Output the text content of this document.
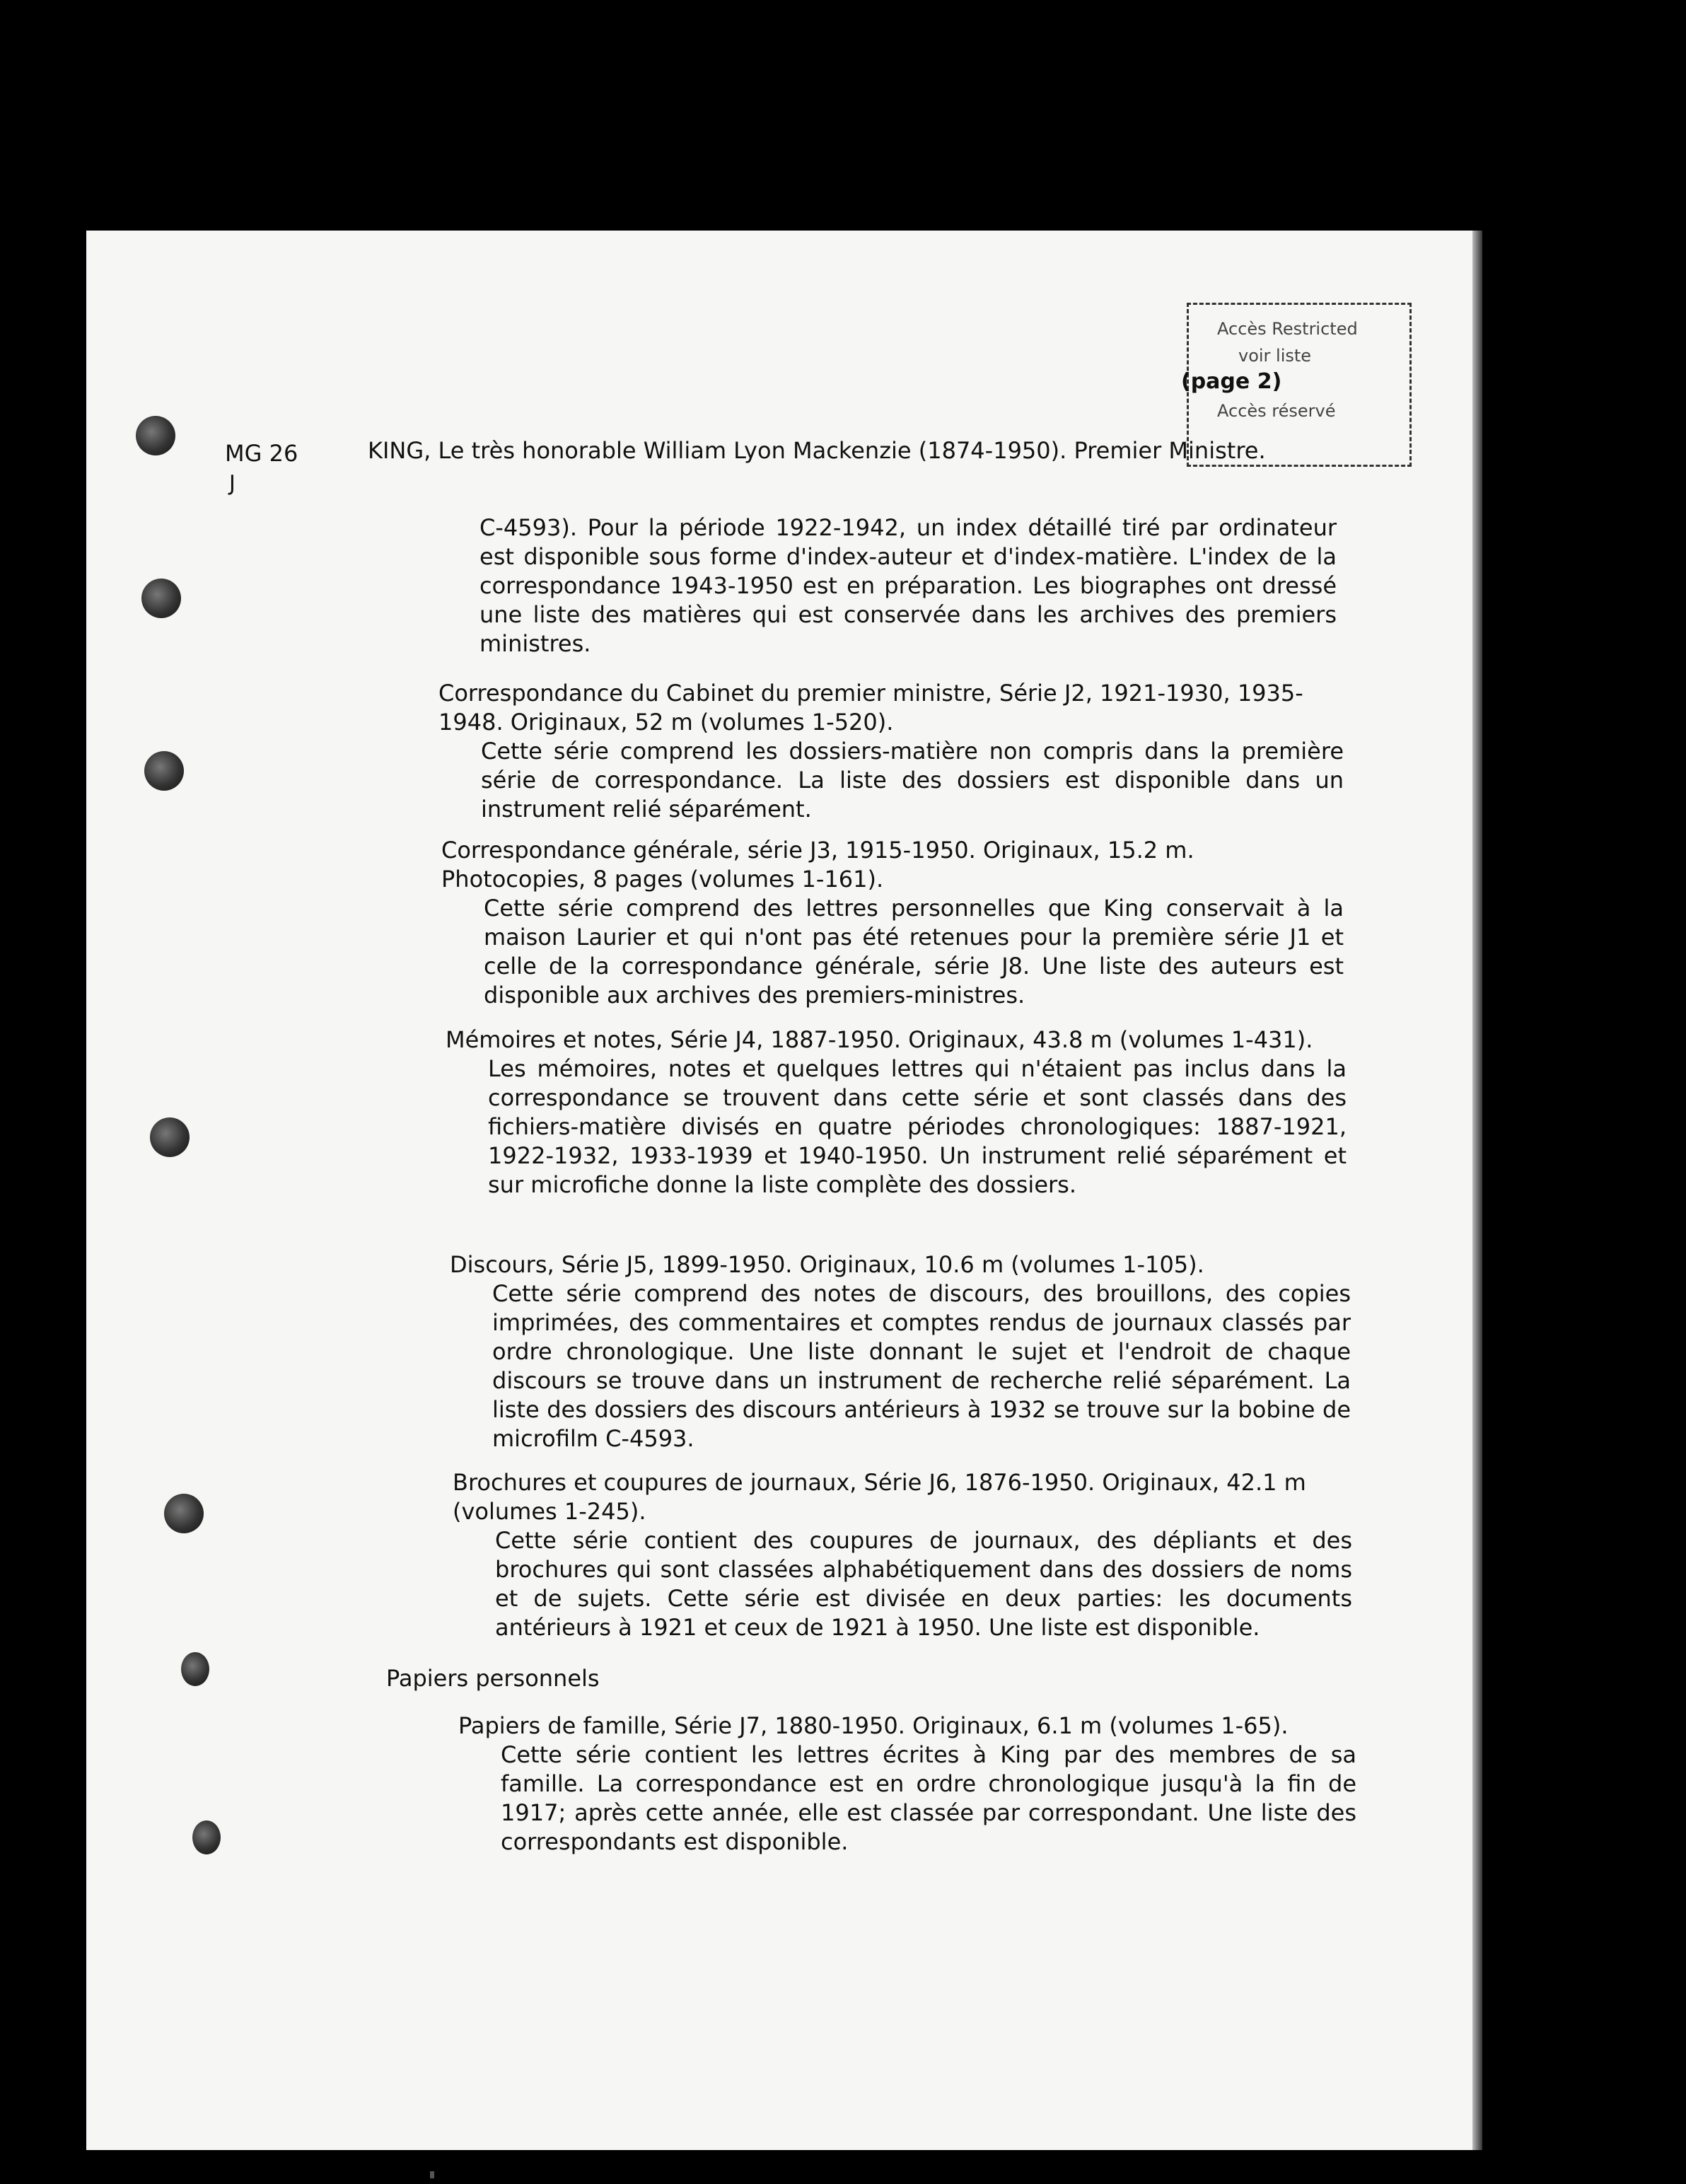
Accès Restricted
voir liste
Accès réservé
(page 2)
MG 26
J
KING, Le très honorable William Lyon Mackenzie (1874-1950). Premier Ministre.
C-4593). Pour la période 1922-1942, un index détaillé tiré par ordinateur est disponible sous forme d'index-auteur et d'index-matière. L'index de la correspondance 1943-1950 est en préparation. Les biographes ont dressé une liste des matières qui est conservée dans les archives des premiers ministres.
Correspondance du Cabinet du premier ministre, Série J2, 1921-1930, 1935-1948. Originaux, 52 m (volumes 1-520).
Cette série comprend les dossiers-matière non compris dans la première série de correspondance. La liste des dossiers est disponible dans un instrument relié séparément.
Correspondance générale, série J3, 1915-1950. Originaux, 15.2 m. Photocopies, 8 pages (volumes 1-161).
Cette série comprend des lettres personnelles que King conservait à la maison Laurier et qui n'ont pas été retenues pour la première série J1 et celle de la correspondance générale, série J8. Une liste des auteurs est disponible aux archives des premiers-ministres.
Mémoires et notes, Série J4, 1887-1950. Originaux, 43.8 m (volumes 1-431).
Les mémoires, notes et quelques lettres qui n'étaient pas inclus dans la correspondance se trouvent dans cette série et sont classés dans des fichiers-matière divisés en quatre périodes chronologiques: 1887-1921, 1922-1932, 1933-1939 et 1940-1950. Un instrument relié séparément et sur microfiche donne la liste complète des dossiers.
Discours, Série J5, 1899-1950. Originaux, 10.6 m (volumes 1-105).
Cette série comprend des notes de discours, des brouillons, des copies imprimées, des commentaires et comptes rendus de journaux classés par ordre chronologique. Une liste donnant le sujet et l'endroit de chaque discours se trouve dans un instrument de recherche relié séparément. La liste des dossiers des discours antérieurs à 1932 se trouve sur la bobine de microfilm C-4593.
Brochures et coupures de journaux, Série J6, 1876-1950. Originaux, 42.1 m (volumes 1-245).
Cette série contient des coupures de journaux, des dépliants et des brochures qui sont classées alphabétiquement dans des dossiers de noms et de sujets. Cette série est divisée en deux parties: les documents antérieurs à 1921 et ceux de 1921 à 1950. Une liste est disponible.
Papiers personnels
Papiers de famille, Série J7, 1880-1950. Originaux, 6.1 m (volumes 1-65).
Cette série contient les lettres écrites à King par des membres de sa famille. La correspondance est en ordre chronologique jusqu'à la fin de 1917; après cette année, elle est classée par correspondant. Une liste des correspondants est disponible.
